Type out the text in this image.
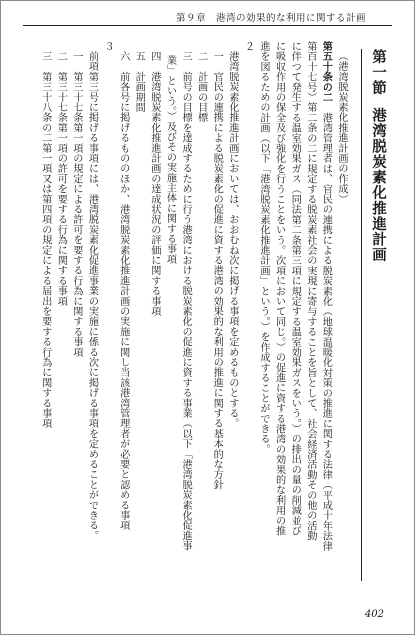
第９章　港湾の効果的な利用に関する計画
第一節港湾脱炭素化推進計画
（港湾脱炭素化推進計画の作成）
第五十条の二　港湾管理者は、官民の連携による脱炭素化（地球温暖化対策の推進に関する法律（平成十年法律
第百十七号）第二条の二に規定する脱炭素社会の実現に寄与することを旨として、社会経済活動その他の活動
に伴つて発生する温室効果ガス（同法第二条第三項に規定する温室効果ガスをいう。）の排出の量の削減並び
に吸収作用の保全及び強化を行うことをいう。次項において同じ。）の促進に資する港湾の効果的な利用の推
進を図るための計画（以下「港湾脱炭素化推進計画」という。）を作成することができる。
２
港湾脱炭素化推進計画においては、おおむね次に掲げる事項を定めるものとする。
一　官民の連携による脱炭素化の促進に資する港湾の効果的な利用の推進に関する基本的な方針
二　計画の目標
三　前号の目標を達成するために行う港湾における脱炭素化の促進に資する事業（以下「港湾脱炭素化促進事
業」という。）及びその実施主体に関する事項
四　港湾脱炭素化推進計画の達成状況の評価に関する事項
五　計画期間
六　前各号に掲げるもののほか、港湾脱炭素化推進計画の実施に関し当該港湾管理者が必要と認める事項
３
前項第三号に掲げる事項には、港湾脱炭素化促進事業の実施に係る次に掲げる事項を定めることができる。
一　第三十七条第一項の規定による許可を要する行為に関する事項
二　第三十七条第一項の許可を要する行為に関する事項
三　第三十八条の二第一項又は第四項の規定による届出を要する行為に関する事項
402
